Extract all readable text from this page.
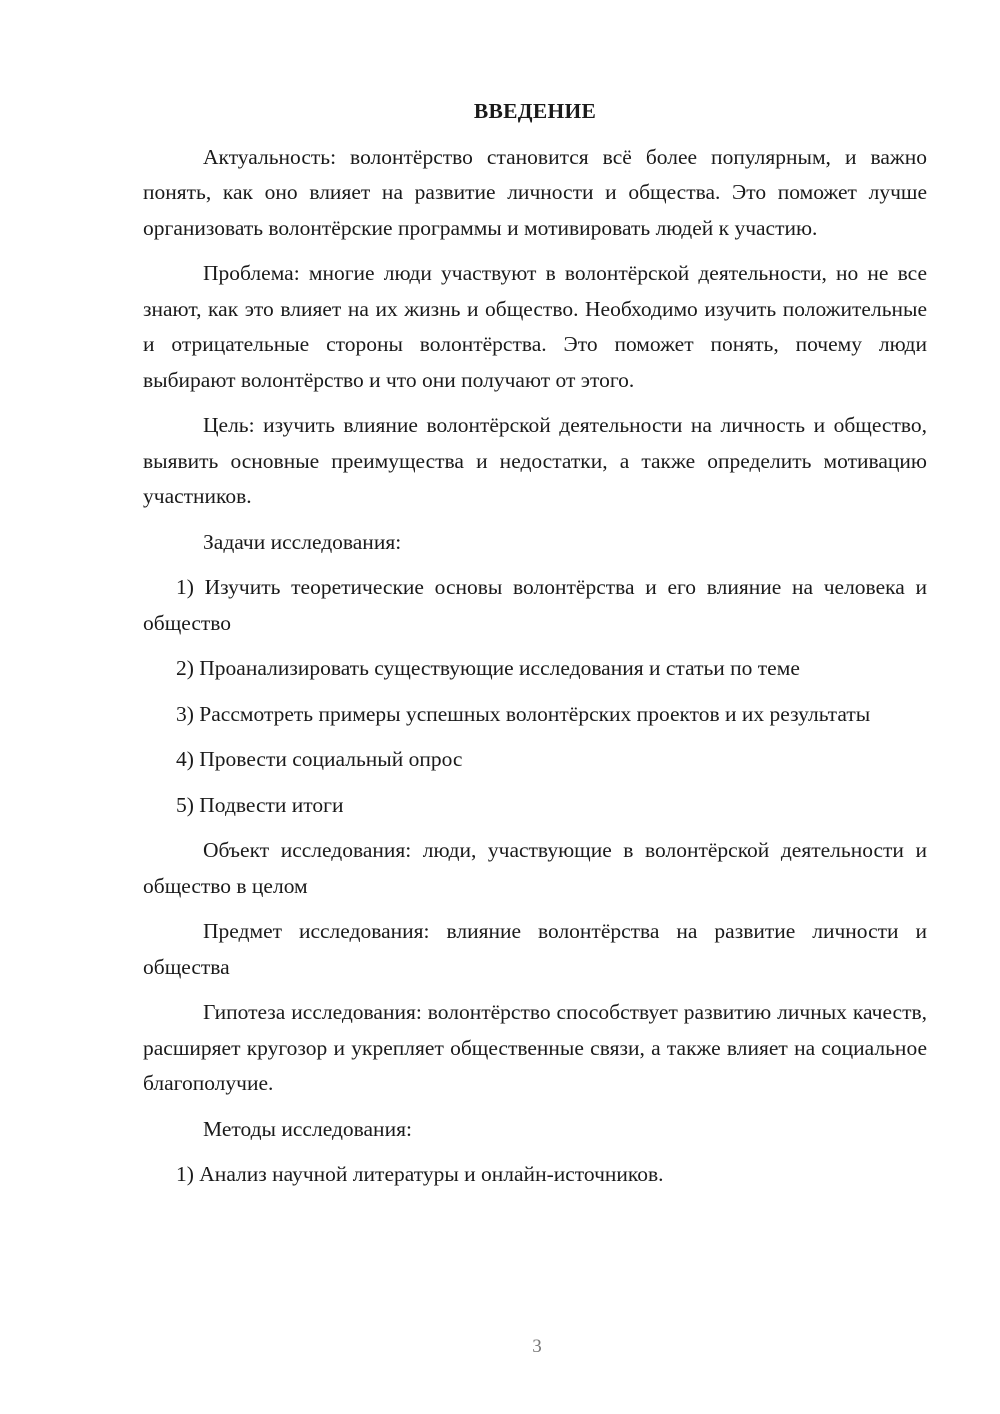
ВВЕДЕНИЕ
Актуальность: волонтёрство становится всё более популярным, и важно понять, как оно влияет на развитие личности и общества. Это поможет лучше организовать волонтёрские программы и мотивировать людей к участию.
Проблема: многие люди участвуют в волонтёрской деятельности, но не все знают, как это влияет на их жизнь и общество. Необходимо изучить положительные и отрицательные стороны волонтёрства. Это поможет понять, почему люди выбирают волонтёрство и что они получают от этого.
Цель: изучить влияние волонтёрской деятельности на личность и общество, выявить основные преимущества и недостатки, а также определить мотивацию участников.
Задачи исследования:
1) Изучить теоретические основы волонтёрства и его влияние на человека и общество
2) Проанализировать существующие исследования и статьи по теме
3) Рассмотреть примеры успешных волонтёрских проектов и их результаты
4) Провести социальный опрос
5) Подвести итоги
Объект исследования: люди, участвующие в волонтёрской деятельности и общество в целом
Предмет исследования: влияние волонтёрства на развитие личности и общества
Гипотеза исследования: волонтёрство способствует развитию личных качеств, расширяет кругозор и укрепляет общественные связи, а также влияет на социальное благополучие.
Методы исследования:
1) Анализ научной литературы и онлайн-источников.
3
